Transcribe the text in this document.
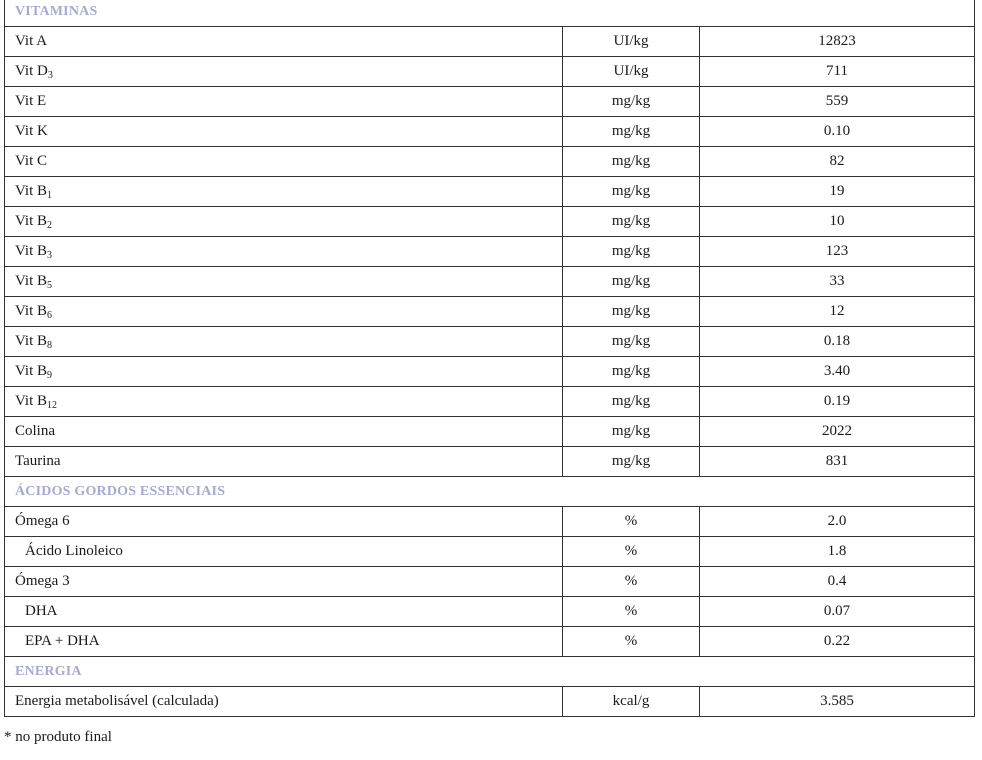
VITAMINAS		
Vit A	UI/kg	12823
Vit $D_3$	UI/kg	711
Vit E	mg/kg	559
Vit K	mg/kg	0.10
Vit C	mg/kg	82
Vit $B_1$	mg/kg	19
Vit $B_2$	mg/kg	10
Vit $B_3$	mg/kg	123
Vit $B_5$	mg/kg	33
Vit $B_6$	mg/kg	12
Vit $B_8$	mg/kg	0.18
Vit $B_9$	mg/kg	3.40
Vit $B_{12}$	mg/kg	0.19
Colina	mg/kg	2022
Taurina	mg/kg	831
ÁCIDOS GORDOS ESSENCIAIS		
Ómega 6	%	2.0
Ácido Linoleico	%	1.8
Ómega 3	%	0.4
DHA	%	0.07
EPA + DHA	%	0.22
ENERGIA		
Energia metabolisável (calculada)	kcal/g	3.585
* no produto final
